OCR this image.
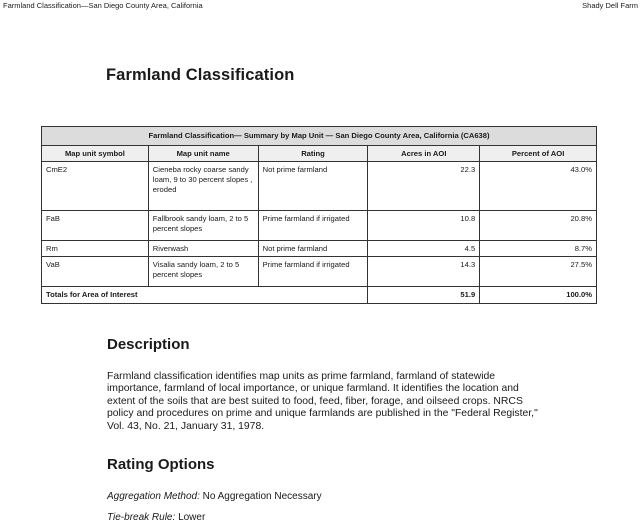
Farmland Classification—San Diego County Area, California	Shady Dell Farm
Farmland Classification
Farmland Classification— Summary by Map Unit — San Diego County Area, California (CA638)				
Map unit symbol	Map unit name	Rating	Acres in AOI	Percent of AOI
CmE2	Cieneba rocky coarse sandy loam, 9 to 30 percent slopes , eroded	Not prime farmland	22.3	43.0%
FaB	Fallbrook sandy loam, 2 to 5 percent slopes	Prime farmland if irrigated	10.8	20.8%
Rm	Riverwash	Not prime farmland	4.5	8.7%
VaB	Visalia sandy loam, 2 to 5 percent slopes	Prime farmland if irrigated	14.3	27.5%
Totals for Area of Interest			51.9	100.0%
Description

Farmland classification identifies map units as prime farmland, farmland of statewide importance, farmland of local importance, or unique farmland. It identifies the location and extent of the soils that are best suited to food, feed, fiber, forage, and oilseed crops. NRCS policy and procedures on prime and unique farmlands are published in the "Federal Register," Vol. 43, No. 21, January 31, 1978.

Rating Options
Aggregation Method: No Aggregation Necessary
Tie-break Rule: Lower
